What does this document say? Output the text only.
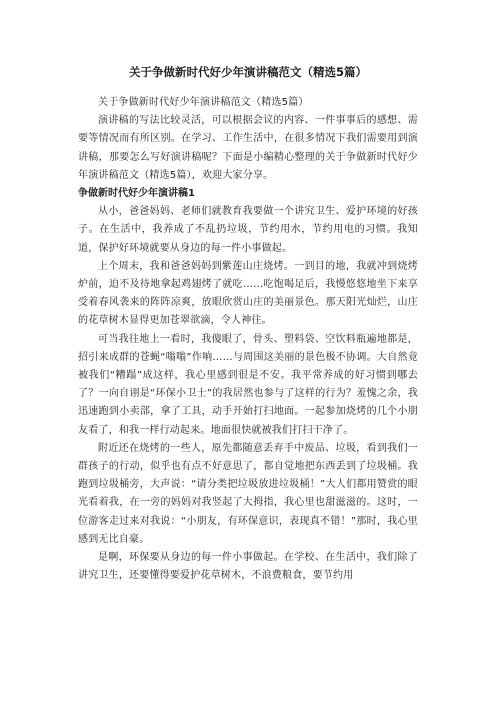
关于争做新时代好少年演讲稿范文（精选5篇）

关于争做新时代好少年演讲稿范文（精选5篇）

演讲稿的写法比较灵活，可以根据会议的内容、一件事事后的感想、需要等情况而有所区别。在学习、工作生活中，在很多情况下我们需要用到演讲稿，那要怎么写好演讲稿呢？下面是小编精心整理的关于争做新时代好少年演讲稿范文（精选5篇），欢迎大家分享。

争做新时代好少年演讲稿1

从小，爸爸妈妈、老师们就教育我要做一个讲究卫生、爱护环境的好孩子。在生活中，我养成了不乱扔垃圾，节约用水，节约用电的习惯。我知道，保护好环境就要从身边的每一件小事做起。

上个周末，我和爸爸妈妈到紫莲山庄烧烤。一到目的地，我就冲到烧烤炉前，迫不及待地拿起鸡翅烤了就吃……吃饱喝足后，我慢悠悠地坐下来享受着春风袭来的阵阵凉爽，放眼欣赏山庄的美丽景色。那天阳光灿烂，山庄的花草树木显得更加苍翠欲滴，令人神往。

可当我往地上一看时，我傻眼了，骨头、塑料袋、空饮料瓶遍地都是，招引来成群的苍蝇“嗡嗡”作响……与周围这美丽的景色极不协调。大自然竟被我们“糟蹋”成这样，我心里感到很是不安。我平常养成的好习惯到哪去了？一向自诩是“环保小卫士”的我居然也参与了这样的行为？羞愧之余，我迅速跑到小卖部，拿了工具，动手开始打扫地面。一起参加烧烤的几个小朋友看了，和我一样行动起来。地面很快就被我们打扫干净了。

附近还在烧烤的一些人，原先都随意丢弃手中废品、垃圾，看到我们一群孩子的行动，似乎也有点不好意思了，都自觉地把东西丢到了垃圾桶。我跑到垃圾桶旁，大声说：“请分类把垃圾放进垃圾桶！”大人们都用赞赏的眼光看着我，在一旁的妈妈对我竖起了大拇指，我心里也甜滋滋的。这时，一位游客走过来对我说：“小朋友，有环保意识，表现真不错！”那时，我心里感到无比自豪。

是啊，环保要从身边的每一件小事做起。在学校、在生活中，我们除了讲究卫生，还要懂得要爱护花草树木，不浪费粮食，要节约用
